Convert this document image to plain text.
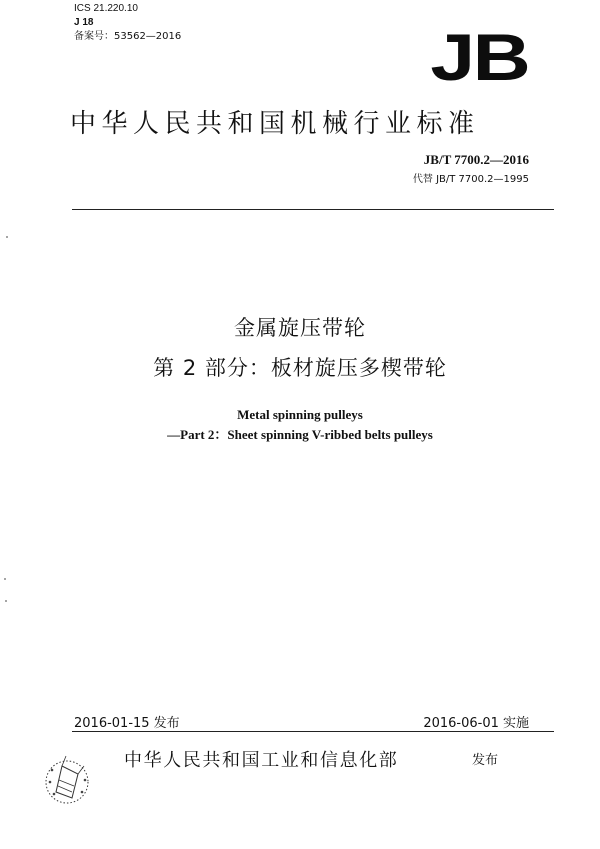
ICS 21.220.10
J 18
备案号：53562—2016	JB
中华人民共和国机械行业标准
JB/T 7700.2—2016
代替 JB/T 7700.2—1995
金属旋压带轮
第 2 部分：板材旋压多楔带轮
Metal spinning pulleys
—Part 2：Sheet spinning V-ribbed belts pulleys
2016-01-15 发布	2016-06-01 实施
中华人民共和国工业和信息化部	发布
